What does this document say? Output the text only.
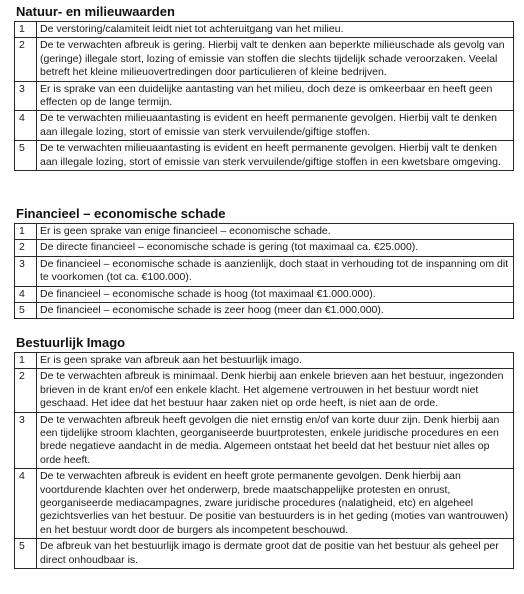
Natuur- en milieuwaarden
1	De verstoring/calamiteit leidt niet tot achteruitgang van het milieu.
2	De te verwachten afbreuk is gering. Hierbij valt te denken aan beperkte milieuschade als gevolg van (geringe) illegale stort, lozing of emissie van stoffen die slechts tijdelijk schade veroorzaken. Veelal betreft het kleine milieuovertredingen door particulieren of kleine bedrijven.
3	Er is sprake van een duidelijke aantasting van het milieu, doch deze is omkeerbaar en heeft geen effecten op de lange termijn.
4	De te verwachten milieuaantasting is evident en heeft permanente gevolgen. Hierbij valt te denken aan illegale lozing, stort of emissie van sterk vervuilende/giftige stoffen.
5	De te verwachten milieuaantasting is evident en heeft permanente gevolgen. Hierbij valt te denken aan illegale lozing, stort of emissie van sterk vervuilende/giftige stoffen in een kwetsbare omgeving.
Financieel – economische schade
1	Er is geen sprake van enige financieel – economische schade.
2	De directe financieel – economische schade is gering (tot maximaal ca. €25.000).
3	De financieel – economische schade is aanzienlijk, doch staat in verhouding tot de inspanning om dit te voorkomen (tot ca. €100.000).
4	De financieel – economische schade is hoog (tot maximaal €1.000.000).
5	De financieel – economische schade is zeer hoog (meer dan €1.000.000).
Bestuurlijk Imago
1	Er is geen sprake van afbreuk aan het bestuurlijk imago.
2	De te verwachten afbreuk is minimaal. Denk hierbij aan enkele brieven aan het bestuur, ingezonden brieven in de krant en/of een enkele klacht. Het algemene vertrouwen in het bestuur wordt niet geschaad. Het idee dat het bestuur haar zaken niet op orde heeft, is niet aan de orde.
3	De te verwachten afbreuk heeft gevolgen die niet ernstig en/of van korte duur zijn. Denk hierbij aan een tijdelijke stroom klachten, georganiseerde buurtprotesten, enkele juridische procedures en een brede negatieve aandacht in de media. Algemeen ontstaat het beeld dat het bestuur niet alles op orde heeft.
4	De te verwachten afbreuk is evident en heeft grote permanente gevolgen. Denk hierbij aan voortdurende klachten over het onderwerp, brede maatschappelijke protesten en onrust, georganiseerde mediacampagnes, zware juridische procedures (nalatigheid, etc) en algeheel gezichtsverlies van het bestuur. De positie van bestuurders is in het geding (moties van wantrouwen) en het bestuur wordt door de burgers als incompetent beschouwd.
5	De afbreuk van het bestuurlijk imago is dermate groot dat de positie van het bestuur als geheel per direct onhoudbaar is.
